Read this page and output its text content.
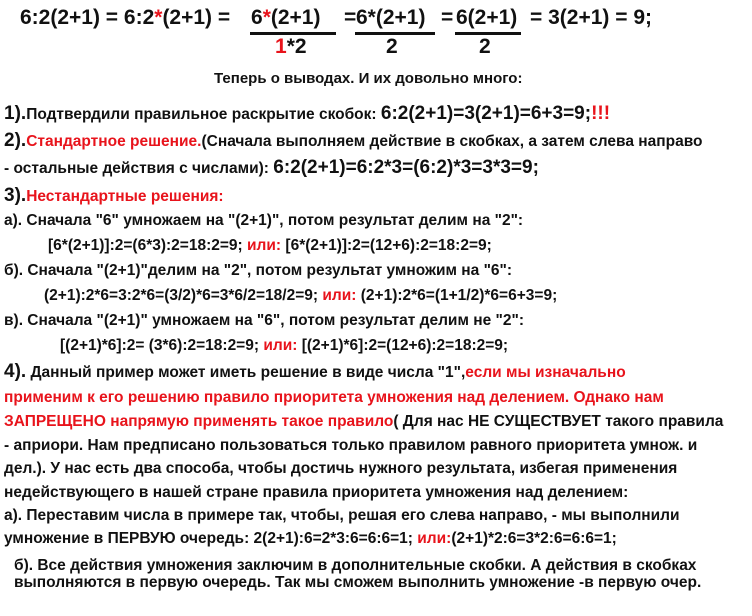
6:2(2+1) = 6:2*(2+1) = 6*(2+1)
1*2
= 6*(2+1)
2
= 6(2+1)
2
= 3(2+1) = 9;
Теперь о выводах. И их довольно много:
1).Подтвердили правильное раскрытие скобок: 6:2(2+1)=3(2+1)=6+3=9;!!!
2).Стандартное решение.(Сначала выполняем действие в скобках, а затем слева направо
- остальные действия с числами): 6:2(2+1)=6:2*3=(6:2)*3=3*3=9;
3).Нестандартные решения:
а). Сначала "6" умножаем на "(2+1)", потом результат делим на "2":
[6*(2+1)]:2=(6*3):2=18:2=9; или: [6*(2+1)]:2=(12+6):2=18:2=9;
б). Сначала "(2+1)"делим на "2", потом результат умножим на "6":
(2+1):2*6=3:2*6=(3/2)*6=3*6/2=18/2=9; или: (2+1):2*6=(1+1/2)*6=6+3=9;
в). Сначала "(2+1)" умножаем на "6", потом результат делим не "2":
[(2+1)*6]:2= (3*6):2=18:2=9; или: [(2+1)*6]:2=(12+6):2=18:2=9;
4). Данный пример может иметь решение в виде числа "1",если мы изначально
применим к его решению правило приоритета умножения над делением. Однако нам
ЗАПРЕЩЕНО напрямую применять такое правило( Для нас НЕ СУЩЕСТВУЕТ такого правила
- априори. Нам предписано пользоваться только правилом равного приоритета умнож. и
дел.). У нас есть два способа, чтобы достичь нужного результата, избегая применения
недействующего в нашей стране правила приоритета умножения над делением:
а). Переставим числа в примере так, чтобы, решая его слева направо, - мы выполнили
умножение в ПЕРВУЮ очередь: 2(2+1):6=2*3:6=6:6=1; или:(2+1)*2:6=3*2:6=6:6=1;
б). Все действия умножения заключим в дополнительные скобки. А действия в скобках
выполняются в первую очередь. Так мы сможем выполнить умножение -в первую очер.
